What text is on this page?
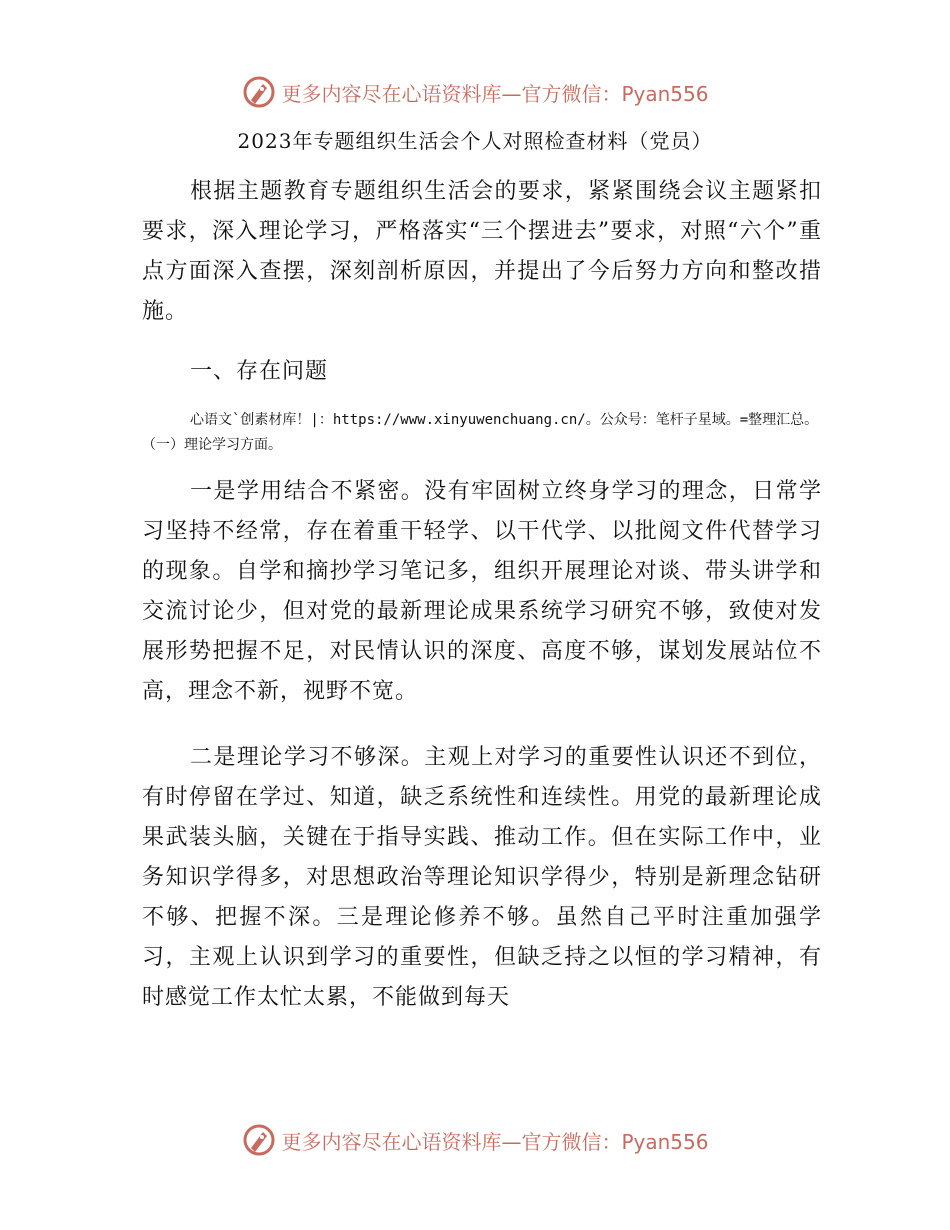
更多内容尽在心语资料库—官方微信：Pyan556
2023年专题组织生活会个人对照检查材料（党员）
根据主题教育专题组织生活会的要求，紧紧围绕会议主题紧扣要求，深入理论学习，严格落实“三个摆进去”要求，对照“六个”重点方面深入查摆，深刻剖析原因，并提出了今后努力方向和整改措施。
一、存在问题
心语文`创素材库！|：https://www.xinyuwenchuang.cn/。公众号：笔杆子星域。=整理汇总。（一）理论学习方面。
一是学用结合不紧密。没有牢固树立终身学习的理念，日常学习坚持不经常，存在着重干轻学、以干代学、以批阅文件代替学习的现象。自学和摘抄学习笔记多，组织开展理论对谈、带头讲学和交流讨论少，但对党的最新理论成果系统学习研究不够，致使对发展形势把握不足，对民情认识的深度、高度不够，谋划发展站位不高，理念不新，视野不宽。
二是理论学习不够深。主观上对学习的重要性认识还不到位，有时停留在学过、知道，缺乏系统性和连续性。用党的最新理论成果武装头脑，关键在于指导实践、推动工作。但在实际工作中，业务知识学得多，对思想政治等理论知识学得少，特别是新理念钻研不够、把握不深。三是理论修养不够。虽然自己平时注重加强学习，主观上认识到学习的重要性，但缺乏持之以恒的学习精神，有时感觉工作太忙太累，不能做到每天
更多内容尽在心语资料库—官方微信：Pyan556
